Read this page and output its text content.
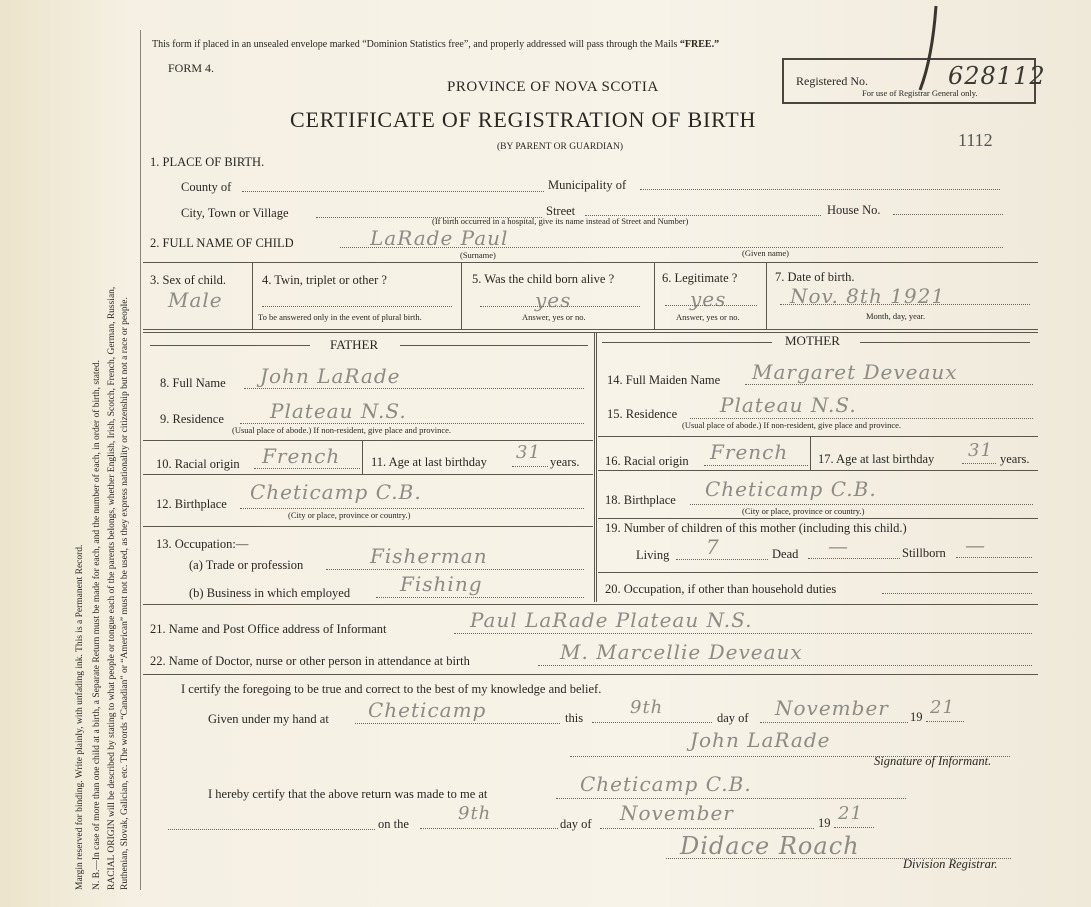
Margin reserved for binding. Write plainly, with unfading ink. This is a Permanent Record. N. B.—In case of more than one child at a birth, a Separate Return must be made for each, and the number of each, in order of birth, stated. RACIAL ORIGIN will be described by stating to what people or tongue each of the parents belongs, whether English, Irish, Scotch, French, German, Russian, Ruthenian, Slovak, Galician, etc. The words “Canadian” or “American” must not be used, as they express nationality or citizenship but not a race or people.
This form if placed in an unsealed envelope marked “Dominion Statistics free”, and properly addressed will pass through the Mails “FREE.”
FORM 4.
PROVINCE OF NOVA SCOTIA
CERTIFICATE OF REGISTRATION OF BIRTH
(BY PARENT OR GUARDIAN)
Registered No.	628112
For use of Registrar General only.
1112
1. PLACE OF BIRTH.
County of	Municipality of
City, Town or Village	Street	House No.
(If birth occurred in a hospital, give its name instead of Street and Number)
2. FULL NAME OF CHILD	LaRade Paul
(Surname)	(Given name)
3. Sex of child.
Male
4. Twin, triplet or other ?
To be answered only in the event of plural birth.
5. Was the child born alive ?
yes
Answer, yes or no.
6. Legitimate ?
yes
Answer, yes or no.
7. Date of birth.
Nov. 8th 1921
Month, day, year.
FATHER	MOTHER
8. Full Name John LaRade
9. Residence Plateau N.S.
(Usual place of abode.) If non-resident, give place and province.
10. Racial origin French 11. Age at last birthday 31 years.
12. Birthplace Cheticamp C.B.
(City or place, province or country.)
13. Occupation:—
(a) Trade or profession	Fisherman
(b) Business in which employed Fishing
14. Full Maiden Name Margaret Deveaux
15. Residence Plateau N.S.
(Usual place of abode.) If non-resident, give place and province.
16. Racial origin French 17. Age at last birthday 31 years.
18. Birthplace Cheticamp C.B.
(City or place, province or country.)
19. Number of children of this mother (including this child.)
Living 7	Dead —	Stillborn —
20. Occupation, if other than household duties
21. Name and Post Office address of Informant	Paul LaRade Plateau N.S.
22. Name of Doctor, nurse or other person in attendance at birth	M. Marcellie Deveaux
I certify the foregoing to be true and correct to the best of my knowledge and belief.
Given under my hand at Cheticamp	this	9th	day of November 19 21
John LaRade
Signature of Informant.
I hereby certify that the above return was made to me at	Cheticamp C.B.
on the	9th	day of November	19 21
Didace Roach
Division Registrar.
